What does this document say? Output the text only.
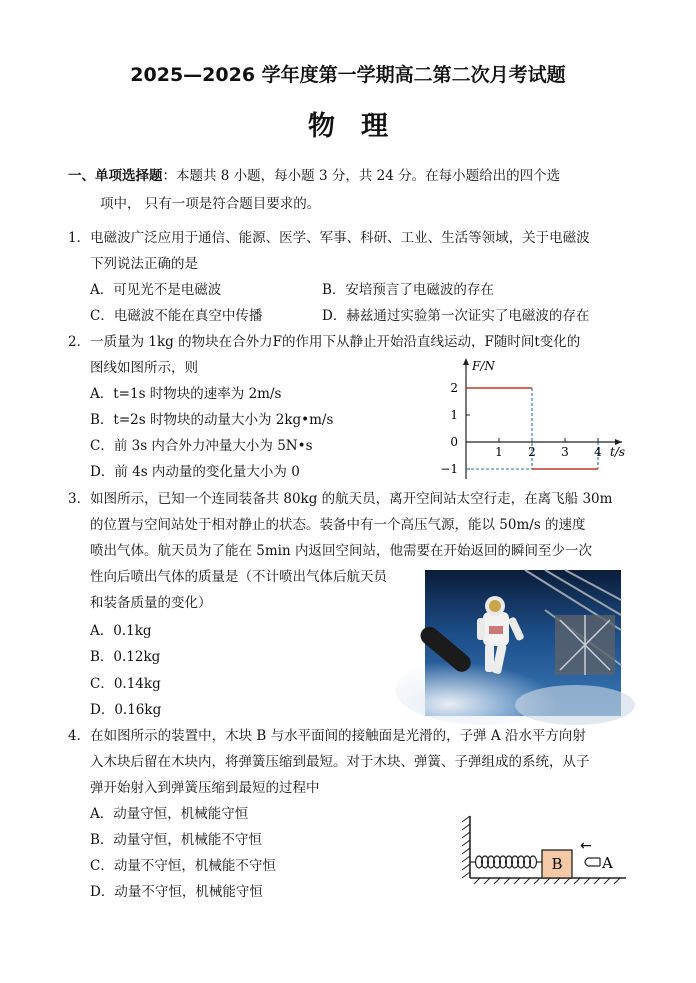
2025—2026 学年度第一学期高二第二次月考试题
物理
一、单项选择题：本题共 8 小题，每小题 3 分，共 24 分。在每小题给出的四个选
项中， 只有一项是符合题目要求的。
1．电磁波广泛应用于通信、能源、医学、军事、科研、工业、生活等领域，关于电磁波
下列说法正确的是
A．可见光不是电磁波	B．安培预言了电磁波的存在
C．电磁波不能在真空中传播	D．赫兹通过实验第一次证实了电磁波的存在
2．一质量为 1kg 的物块在合外力F的作用下从静止开始沿直线运动，F随时间t变化的
图线如图所示，则
A．t=1s 时物块的速率为 2m/s
B．t=2s 时物块的动量大小为 2kg•m/s
C．前 3s 内合外力冲量大小为 5N•s
D．前 4s 内动量的变化量大小为 0
1 2 3 4
2
1
0
−1
t/s
F/N
3．如图所示，已知一个连同装备共 80kg 的航天员，离开空间站太空行走，在离飞船 30m
的位置与空间站处于相对静止的状态。装备中有一个高压气源，能以 50m/s 的速度
喷出气体。航天员为了能在 5min 内返回空间站，他需要在开始返回的瞬间至少一次
性向后喷出气体的质量是（不计喷出气体后航天员
和装备质量的变化）
A．0.1kg
B．0.12kg
C．0.14kg
D．0.16kg
4．在如图所示的装置中，木块 B 与水平面间的接触面是光滑的，子弹 A 沿水平方向射
入木块后留在木块内，将弹簧压缩到最短。对于木块、弹簧、子弹组成的系统，从子
弹开始射入到弹簧压缩到最短的过程中
A．动量守恒，机械能守恒
B．动量守恒，机械能不守恒
C．动量不守恒，机械能不守恒
D．动量不守恒，机械能守恒
B	A
←
